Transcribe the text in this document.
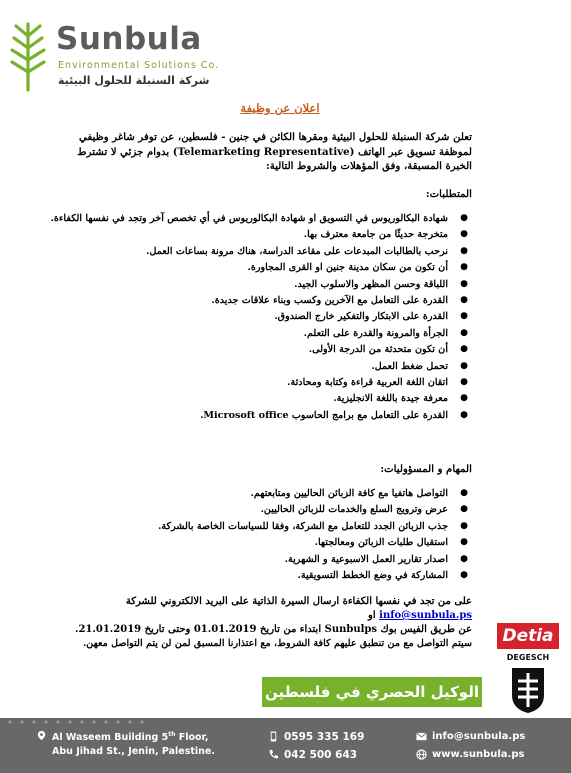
Sunbula
Environmental Solutions Co.
شركة السنبلة للحلول البيئية
اعلان عن وظيفة
تعلن شركة السنبلة للحلول البيئية ومقرها الكائن في جنين - فلسطين، عن توفر شاغر وظيفي لموظفة تسويق عبر الهاتف (Telemarketing Representative) بدوام جزئي لا تشترط الخبرة المسبقة، وفق المؤهلات والشروط التالية:
المتطلبات:
●
شهادة البكالوريوس في التسويق او شهادة البكالوريوس في أي تخصص آخر وتجد في نفسها الكفاءة.
●
متخرجة حديثًا من جامعة معترف بها.
●
نرحب بالطالبات المبدعات على مقاعد الدراسة، هناك مرونة بساعات العمل.
●
أن تكون من سكان مدينة جنين او القرى المجاورة.
●
اللباقة وحسن المظهر والاسلوب الجيد.
●
القدرة على التعامل مع الآخرين وكسب وبناء علاقات جديدة.
●
القدرة على الابتكار والتفكير خارج الصندوق.
●
الجرأة والمرونة والقدرة على التعلم.
●
أن تكون متحدثة من الدرجة الأولى.
●
تحمل ضغط العمل.
●
اتقان اللغة العربية قراءة وكتابة ومحادثة.
●
معرفة جيدة باللغة الانجليزية.
●
القدرة على التعامل مع برامج الحاسوب Microsoft office.
المهام و المسؤوليات:
●
التواصل هاتفيا مع كافة الزبائن الحاليين ومتابعتهم.
●
عرض وترويج السلع والخدمات للزبائن الحاليين.
●
جذب الزبائن الجدد للتعامل مع الشركة، وفقا للسياسات الخاصة بالشركة.
●
استقبال طلبات الزبائن ومعالجتها.
●
اصدار تقارير العمل الاسبوعية و الشهرية.
●
المشاركة في وضع الخطط التسويقية.
على من تجد في نفسها الكفاءة ارسال السيرة الذاتية على البريد الالكتروني للشركة info@sunbula.ps او
عن طريق الفيس بوك Sunbulps ابتداء من تاريخ 01.01.2019 وحتى تاريخ 21.01.2019.
سيتم التواصل مع من تنطبق عليهم كافة الشروط، مع اعتذارنا المسبق لمن لن يتم التواصل معهن.	Detia
DEGESCH
الوكيل الحصري في فلسطين
Al Waseem Building 5th Floor,
Abu Jihad St., Jenin, Palestine.
0595 335 169
042 500 643
info@sunbula.ps
www.sunbula.ps
